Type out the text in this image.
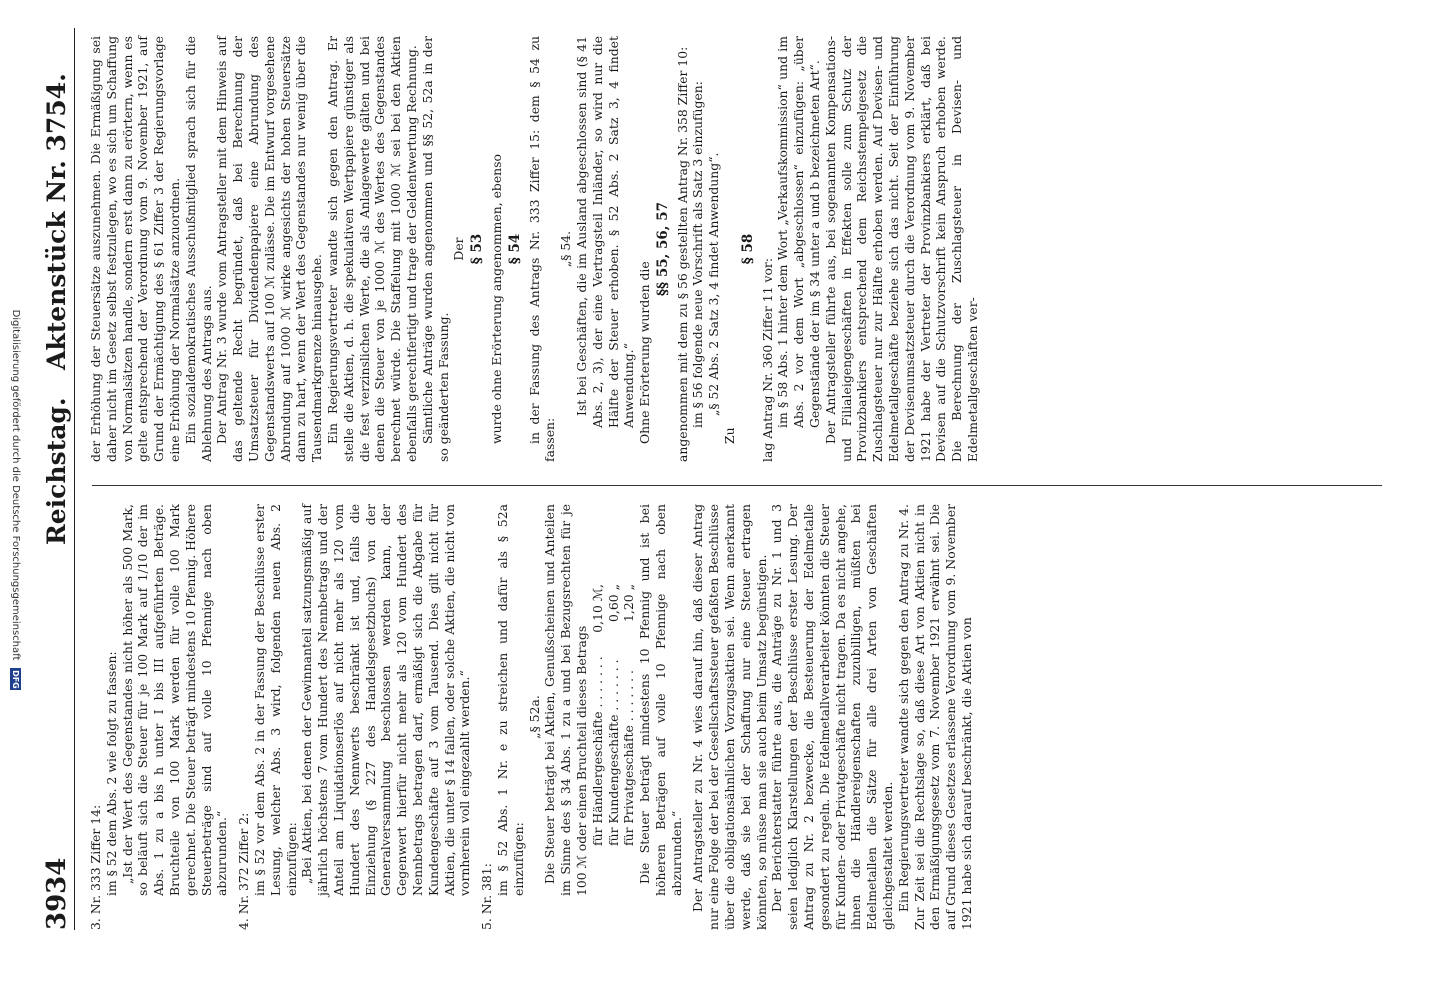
3934
Reichstag.
Aktenstück Nr. 3754.

3. Nr. 333 Ziffer 14: im § 52 dem Abs. 2 wie folgt zu fassen: „Ist der Wert des Gegenstandes nicht höher als 500 Mark, so beläuft sich die Steuer für je 100 Mark auf 1/10 der im Abs. 1 zu a bis h unter I bis III aufgeführten Beträge. Bruchteile von 100 Mark werden für volle 100 Mark gerechnet. Die Steuer beträgt mindestens 10 Pfennig. Höhere Steuerbeträge sind auf volle 10 Pfennige nach oben abzurunden.“ 4. Nr. 372 Ziffer 2: im § 52 vor dem Abs. 2 in der Fassung der Beschlüsse erster Lesung, welcher Abs. 3 wird, folgenden neuen Abs. 2 einzufügen: „Bei Aktien, bei denen der Gewinnanteil satzungsmäßig auf jährlich höchstens 7 vom Hundert des Nennbetrags und der Anteil am Liquidationserlös auf nicht mehr als 120 vom Hundert des Nennwerts beschränkt ist und, falls die Einziehung (§ 227 des Handelsgesetzbuchs) von der Generalversammlung beschlossen werden kann, der Gegenwert hierfür nicht mehr als 120 vom Hundert des Nennbetrags betragen darf, ermäßigt sich die Abgabe für Kundengeschäfte auf 3 vom Tausend. Dies gilt nicht für Aktien, die unter § 14 fallen, oder solche Aktien, die nicht von vornherein voll eingezahlt werden.“

5. Nr. 381:

im § 52 Abs. 1 Nr. e zu streichen und dafür als § 52a einzufügen:

„§ 52a. Die Steuer beträgt bei Aktien, Genußscheinen und Anteilen im Sinne des § 34 Abs. 1 zu a und bei Bezugsrechten für je 100 ℳ oder einen Bruchteil dieses Betrags für Händlergeschäfte . . . . . . .
0,10 ℳ,
für Kundengeschäfte . . . . . . .
0,60 „
für Privatgeschäfte . . . . . . .
1,20 „ Die Steuer beträgt mindestens 10 Pfennig und ist bei höheren Beträgen auf volle 10 Pfennige nach oben abzurunden.“ Der Antragsteller zu Nr. 4 wies darauf hin, daß dieser Antrag nur eine Folge der bei der Gesellschaftssteuer gefaßten Beschlüsse über die obligationsähnlichen Vorzugsaktien sei. Wenn anerkannt werde, daß sie bei der Schaffung nur eine Steuer ertragen könnten, so müsse man sie auch beim Umsatz begünstigen. Der Berichterstatter führte aus, die Anträge zu Nr. 1 und 3 seien lediglich Klarstellungen der Beschlüsse erster Lesung. Der Antrag zu Nr. 2 bezwecke, die Besteuerung der Edelmetalle gesondert zu regeln. Die Edelmetallverarbeiter könnten die Steuer für Kunden- oder Privatgeschäfte nicht tragen. Da es nicht angehe, ihnen die Händlereigenschaften zuzubilligen, müßten bei Edelmetallen die Sätze für alle drei Arten von Geschäften gleichgestaltet werden. Ein Regierungsvertreter wandte sich gegen den Antrag zu Nr. 4. Zur Zeit sei die Rechtslage so, daß diese Art von Aktien nicht in den Ermäßigungsgesetz vom 7. November 1921 erwähnt sei. Die auf Grund dieses Gesetzes erlassene Verordnung vom 9. November 1921 habe sich darauf beschränkt, die Aktien von

der Erhöhung der Steuersätze auszunehmen. Die Ermäßigung sei daher nicht im Gesetz selbst festzulegen, wo es sich um Schaffung von Normalsätzen handle, sondern erst dann zu erörtern, wenn es gelte entsprechend der Verordnung vom 9. November 1921, auf Grund der Ermächtigung des § 61 Ziffer 3 der Regierungsvorlage eine Erhöhung der Normalsätze anzuordnen. Ein sozialdemokratisches Ausschußmitglied sprach sich für die Ablehnung des Antrags aus. Der Antrag Nr. 3 wurde vom Antragsteller mit dem Hinweis auf das geltende Recht begründet, daß bei Berechnung der Umsatzsteuer für Dividendenpapiere eine Abrundung des Gegenstandswerts auf 100 ℳ zulässe. Die im Entwurf vorgesehene Abrundung auf 1000 ℳ wirke angesichts der hohen Steuersätze dann zu hart, wenn der Wert des Gegenstandes nur wenig über die Tausendmarkgrenze hinausgehe. Ein Regierungsvertreter wandte sich gegen den Antrag. Er stelle die Aktien, d. h. die spekulativen Wertpapiere günstiger als die fest verzinslichen Werte, die als Anlagewerte gälten und bei denen die Steuer von je 1000 ℳ des Wertes des Gegenstandes berechnet würde. Die Staffelung mit 1000 ℳ sei bei den Aktien ebenfalls gerechtfertigt und trage der Geldentwertung Rechnung. Sämtliche Anträge wurden angenommen und §§ 52, 52a in der so geänderten Fassung.

Der § 53 wurde ohne Erörterung angenommen, ebenso § 54 in der Fassung des Antrags Nr. 333 Ziffer 15: dem § 54 zu fassen:

„§ 54. Ist bei Geschäften, die im Ausland abgeschlossen sind (§ 41 Abs. 2, 3), der eine Vertragsteil Inländer, so wird nur die Hälfte der Steuer erhoben. § 52 Abs. 2 Satz 3, 4 findet Anwendung.“ Ohne Erörterung wurden die

§§ 55, 56, 57 angenommen mit dem zu § 56 gestellten Antrag Nr. 358 Ziffer 10: im § 56 folgende neue Vorschrift als Satz 3 einzufügen: „§ 52 Abs. 2 Satz 3, 4 findet Anwendung“.

Zu

§ 58

lag Antrag Nr. 360 Ziffer 11 vor: im § 58 Abs. 1 hinter dem Wort „Verkaufskommission“ und im Abs. 2 vor dem Wort „abgeschlossen“ einzufügen: „über Gegenstände der im § 34 unter a und b bezeichneten Art“. Der Antragsteller führte aus, bei sogenannten Kompensations- und Filialeigengeschäften in Effekten solle zum Schutz der Provinzbankiers entsprechend dem Reichsstempelgesetz die Zuschlagsteuer nur zur Hälfte erhoben werden. Auf Devisen- und Edelmetallgeschäfte beziehe sich das nicht. Seit der Einführung der Devisenumsatzsteuer durch die Verordnung vom 9. November 1921 habe der Vertreter der Provinzbankiers erklärt, daß bei Devisen auf die Schutzvorschrift kein Anspruch erhoben werde. Die Berechnung der Zuschlagsteuer in Devisen- und Edelmetallgeschäften ver-

Digitalisierung gefördert durch die Deutsche Forschungsgemeinschaft
DFG
